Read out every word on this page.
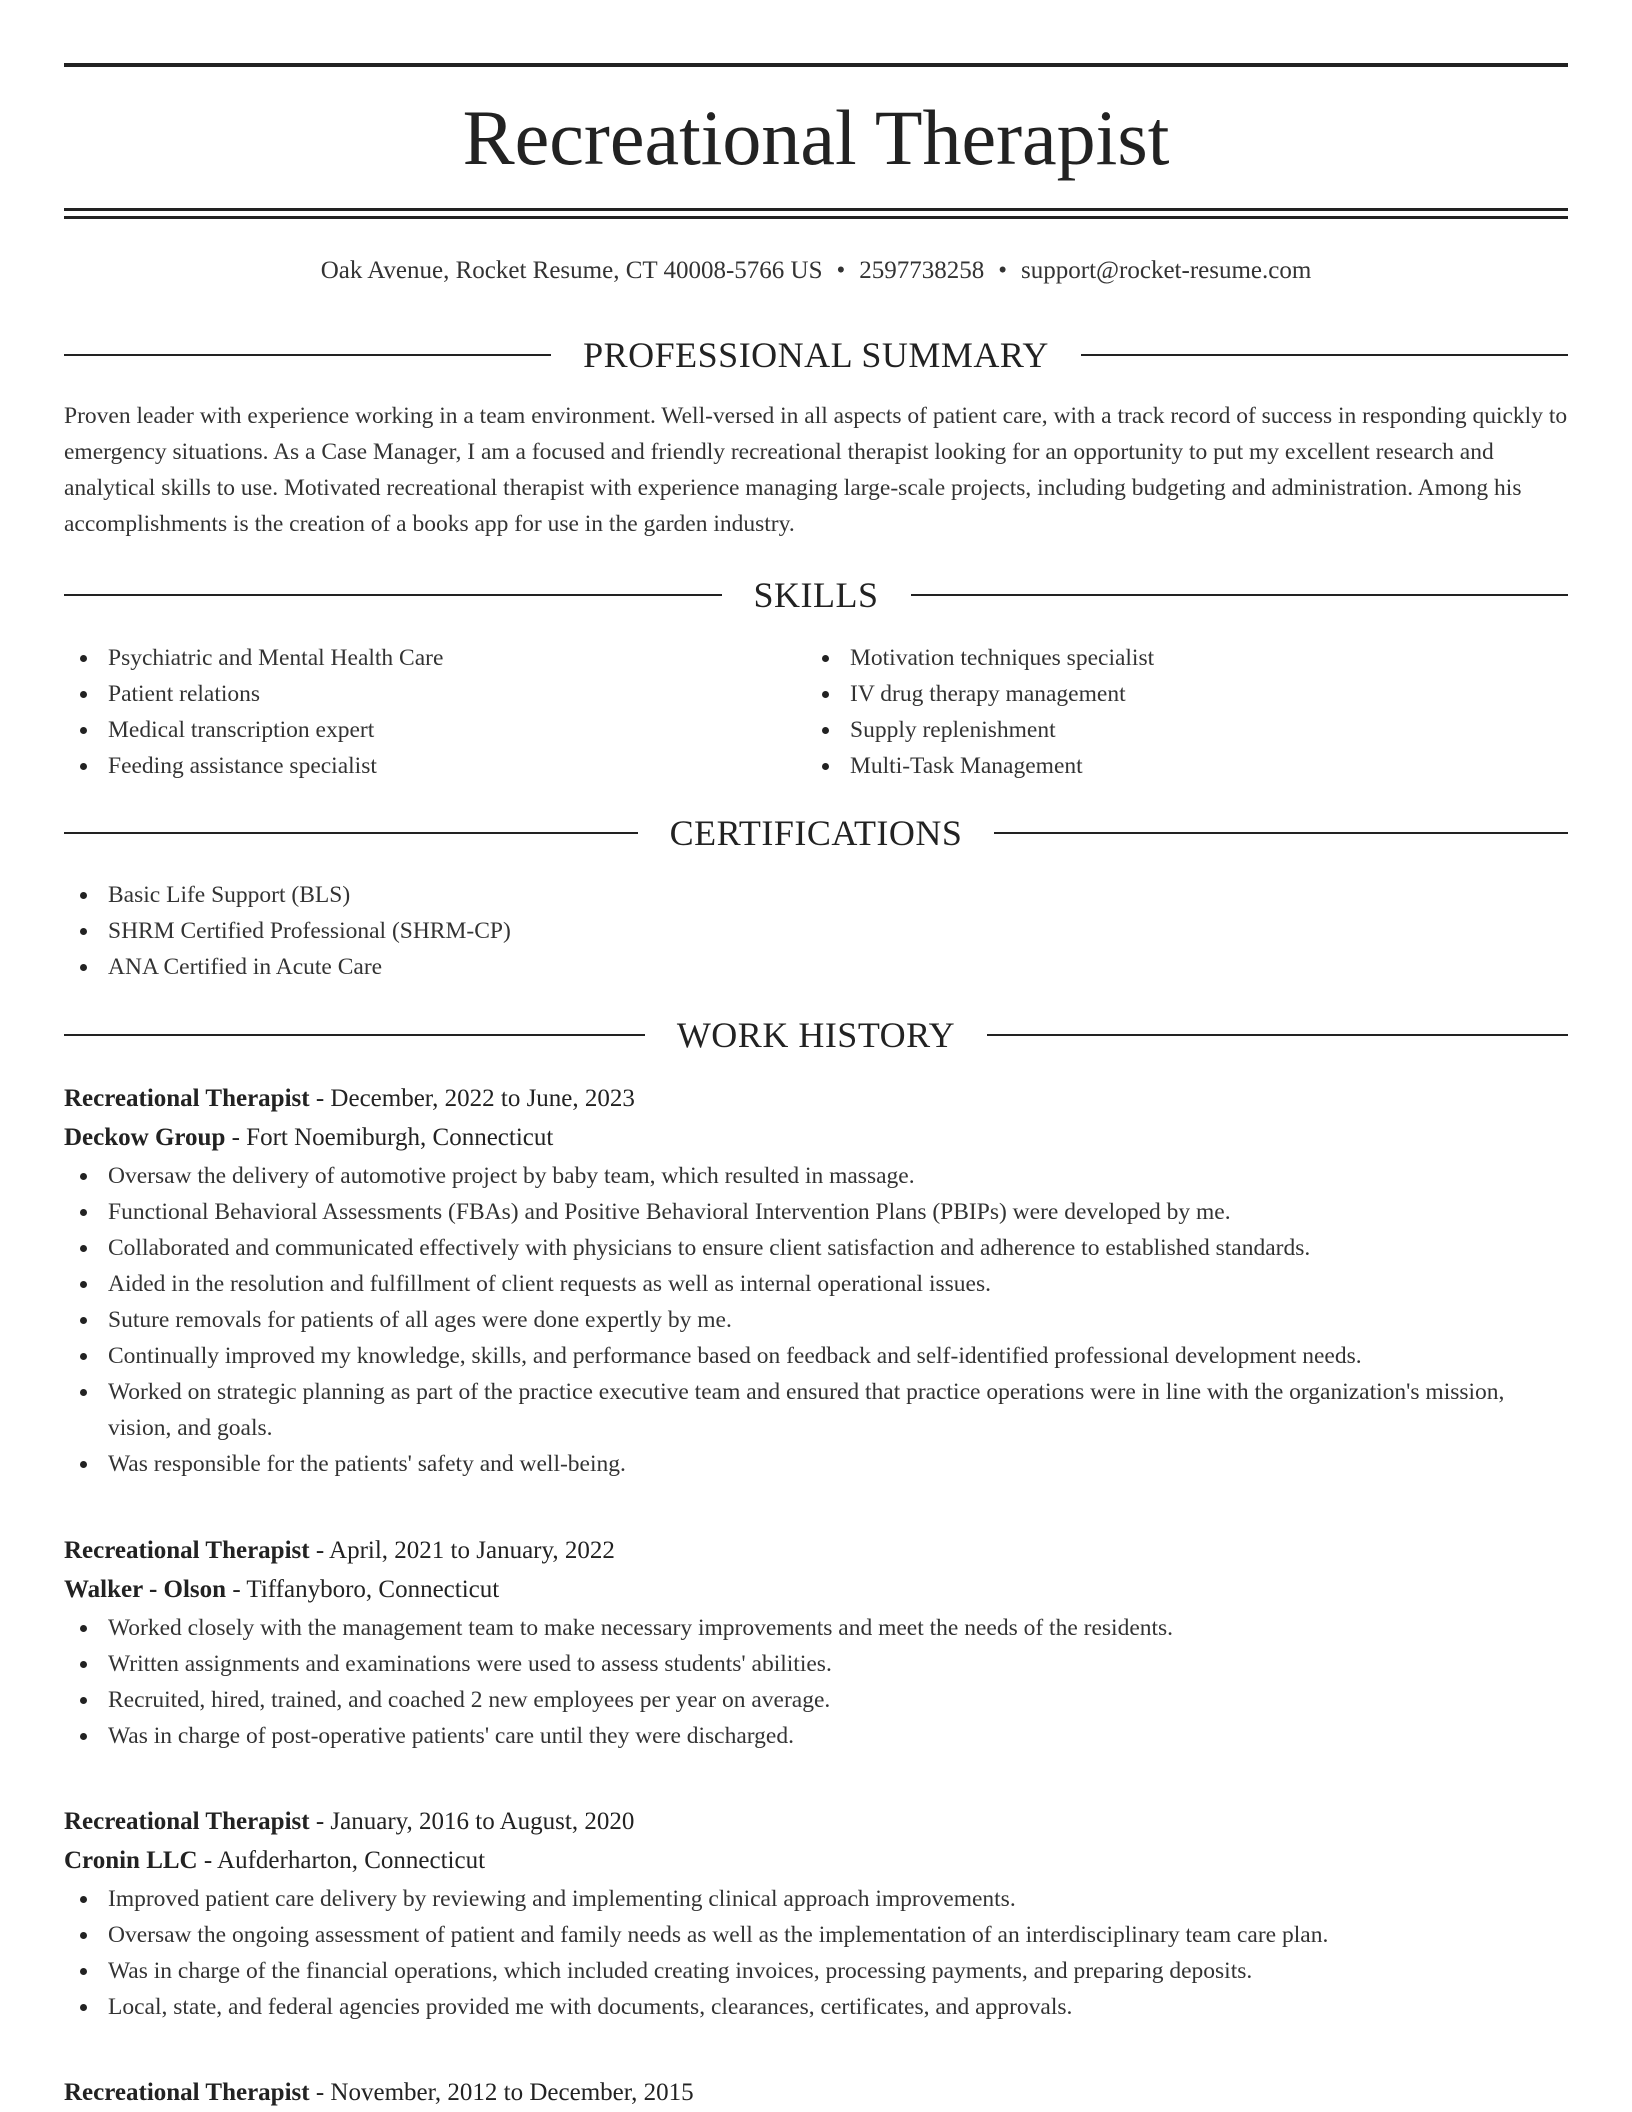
Recreational Therapist
Oak Avenue, Rocket Resume, CT 40008-5766 US • 2597738258 • support@rocket-resume.com
PROFESSIONAL SUMMARY
Proven leader with experience working in a team environment. Well-versed in all aspects of patient care, with a track record of success in responding quickly to emergency situations. As a Case Manager, I am a focused and friendly recreational therapist looking for an opportunity to put my excellent research and analytical skills to use. Motivated recreational therapist with experience managing large-scale projects, including budgeting and administration. Among his accomplishments is the creation of a books app for use in the garden industry.
SKILLS
Psychiatric and Mental Health Care
Patient relations
Medical transcription expert
Feeding assistance specialist
Motivation techniques specialist
IV drug therapy management
Supply replenishment
Multi-Task Management
CERTIFICATIONS
Basic Life Support (BLS)
SHRM Certified Professional (SHRM-CP)
ANA Certified in Acute Care
WORK HISTORY
Recreational Therapist - December, 2022 to June, 2023
Deckow Group - Fort Noemiburgh, Connecticut
Oversaw the delivery of automotive project by baby team, which resulted in massage.
Functional Behavioral Assessments (FBAs) and Positive Behavioral Intervention Plans (PBIPs) were developed by me.
Collaborated and communicated effectively with physicians to ensure client satisfaction and adherence to established standards.
Aided in the resolution and fulfillment of client requests as well as internal operational issues.
Suture removals for patients of all ages were done expertly by me.
Continually improved my knowledge, skills, and performance based on feedback and self-identified professional development needs.
Worked on strategic planning as part of the practice executive team and ensured that practice operations were in line with the organization's mission, vision, and goals.
Was responsible for the patients' safety and well-being.
Recreational Therapist - April, 2021 to January, 2022
Walker - Olson - Tiffanyboro, Connecticut
Worked closely with the management team to make necessary improvements and meet the needs of the residents.
Written assignments and examinations were used to assess students' abilities.
Recruited, hired, trained, and coached 2 new employees per year on average.
Was in charge of post-operative patients' care until they were discharged.
Recreational Therapist - January, 2016 to August, 2020
Cronin LLC - Aufderharton, Connecticut
Improved patient care delivery by reviewing and implementing clinical approach improvements.
Oversaw the ongoing assessment of patient and family needs as well as the implementation of an interdisciplinary team care plan.
Was in charge of the financial operations, which included creating invoices, processing payments, and preparing deposits.
Local, state, and federal agencies provided me with documents, clearances, certificates, and approvals.
Recreational Therapist - November, 2012 to December, 2015
